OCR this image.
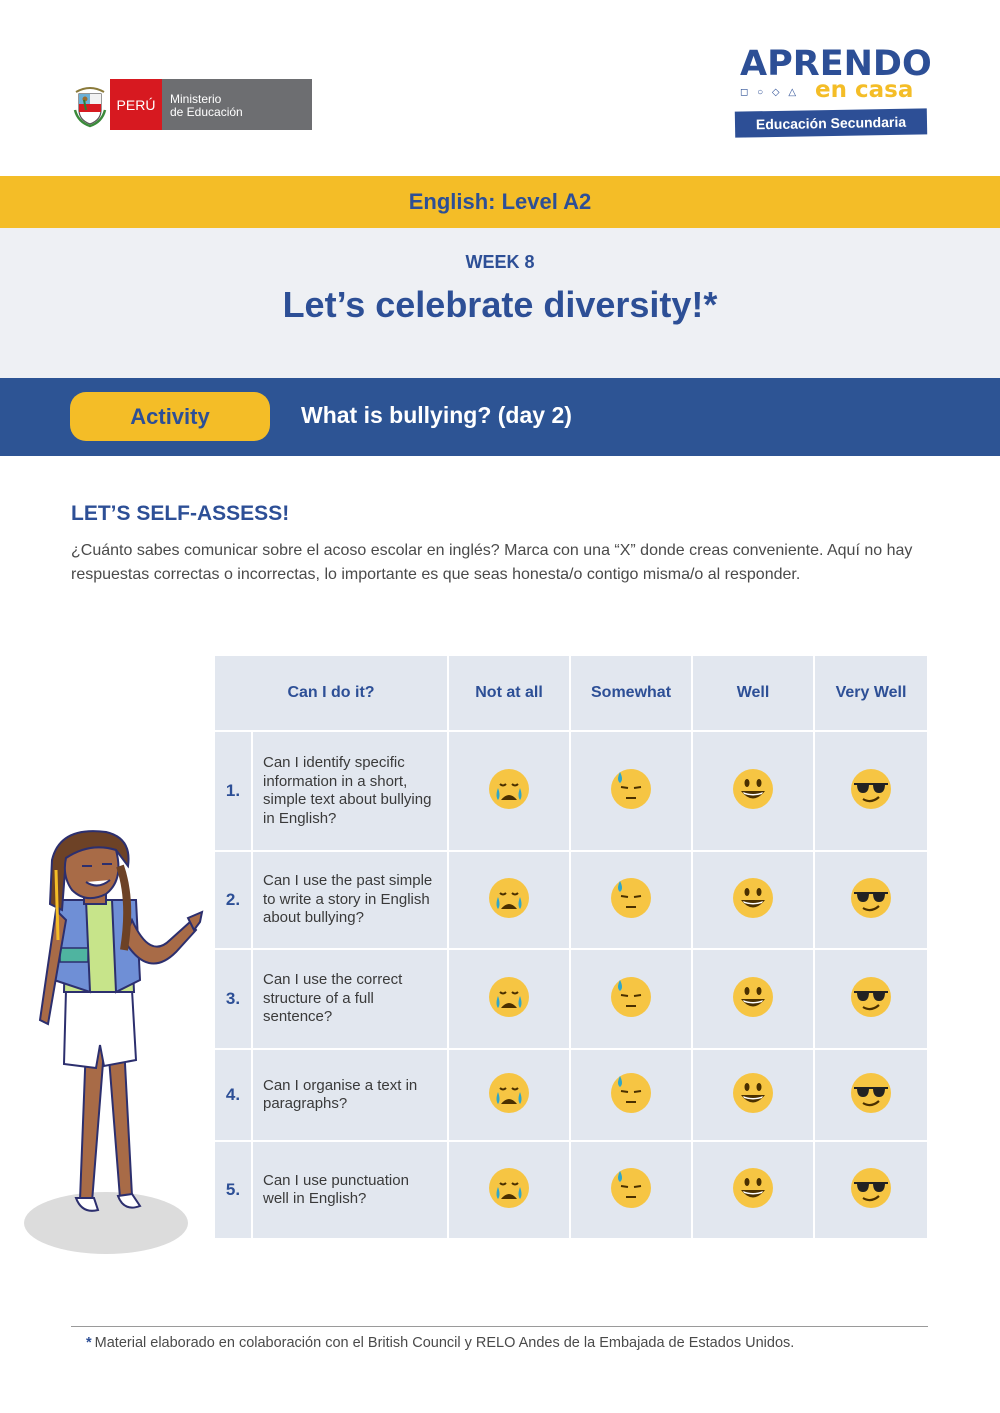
PERÚ	Ministerio
de Educación
APRENDO
◻ ○ ◇ △ en casa
Educación Secundaria
English: Level A2
WEEK 8
Let’s celebrate diversity!*
Activity	What is bullying? (day 2)
LET’S SELF-ASSESS!
¿Cuánto sabes comunicar sobre el acoso escolar en inglés? Marca con una “X” donde creas conveniente. Aquí no hay respuestas correctas o incorrectas, lo importante es que seas honesta/o contigo misma/o al responder.
Can I do it?		Not at all	Somewhat	Well	Very Well
1.	Can I identify specific information in a short, simple text about bullying in English?				
2.	Can I use the past simple to write a story in English about bullying?				
3.	Can I use the correct structure of a full sentence?				
4.	Can I organise a text in paragraphs?				
5.	Can I use punctuation well in English?				
* Material elaborado en colaboración con el British Council y RELO Andes de la Embajada de Estados Unidos.
